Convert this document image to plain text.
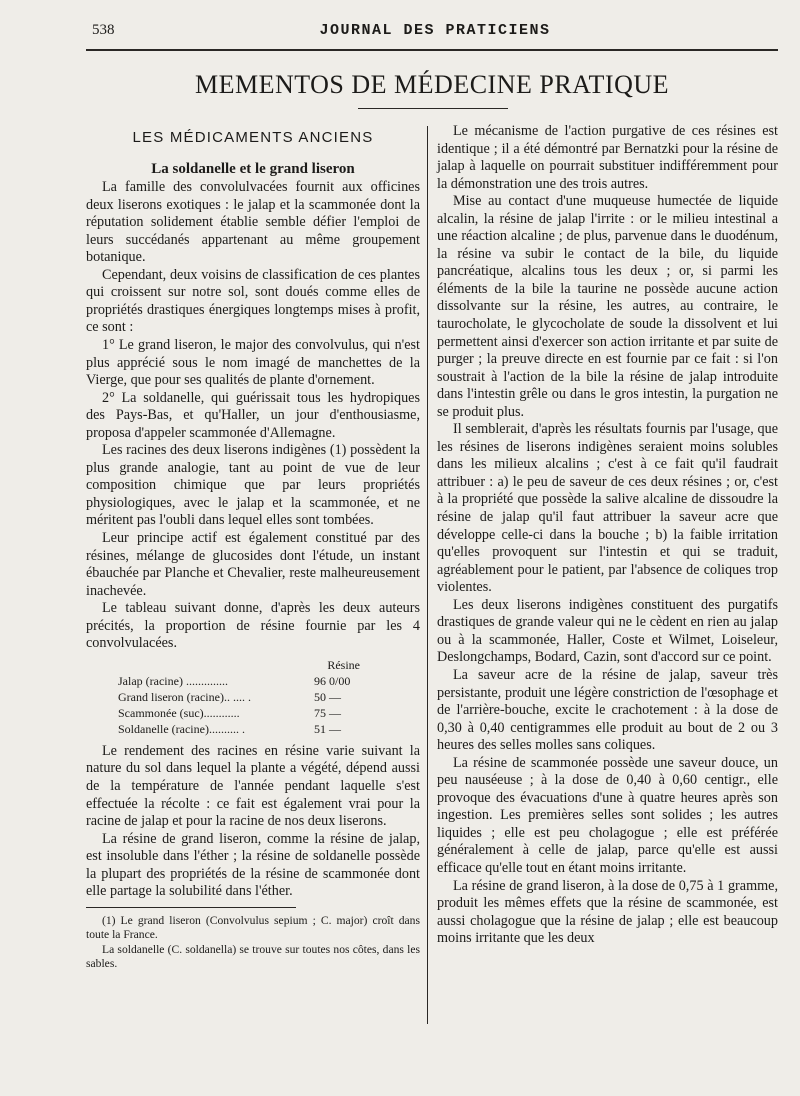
538	JOURNAL DES PRATICIENS
MEMENTOS DE MÉDECINE PRATIQUE
LES MÉDICAMENTS ANCIENS
La soldanelle et le grand liseron

La famille des convolulvacées fournit aux officines deux liserons exotiques : le jalap et la scammonée dont la réputation solidement établie semble défier l'emploi de leurs succédanés appartenant au même groupement botanique.

Cependant, deux voisins de classification de ces plantes qui croissent sur notre sol, sont doués comme elles de propriétés drastiques énergiques longtemps mises à profit, ce sont :

1° Le grand liseron, le major des convolvulus, qui n'est plus apprécié sous le nom imagé de manchettes de la Vierge, que pour ses qualités de plante d'ornement.

2° La soldanelle, qui guérissait tous les hydropiques des Pays-Bas, et qu'Haller, un jour d'enthousiasme, proposa d'appeler scammonée d'Allemagne.

Les racines des deux liserons indigènes (1) possèdent la plus grande analogie, tant au point de vue de leur composition chimique que par leurs propriétés physiologiques, avec le jalap et la scammonée, et ne méritent pas l'oubli dans lequel elles sont tombées.

Leur principe actif est également constitué par des résines, mélange de glucosides dont l'étude, un instant ébauchée par Planche et Chevalier, reste malheureusement inachevée.

Le tableau suivant donne, d'après les deux auteurs précités, la proportion de résine fournie par les 4 convolvulacées.

Résine
Jalap (racine) ..............	96 0/00
Grand liseron (racine).. .... .	50 —
Scammonée (suc)............	75 —
Soldanelle (racine).......... .	51 —

Le rendement des racines en résine varie suivant la nature du sol dans lequel la plante a végété, dépend aussi de la température de l'année pendant laquelle s'est effectuée la récolte : ce fait est également vrai pour la racine de jalap et pour la racine de nos deux liserons.

La résine de grand liseron, comme la résine de jalap, est insoluble dans l'éther ; la résine de soldanelle possède la plupart des propriétés de la résine de scammonée dont elle partage la solubilité dans l'éther.

(1) Le grand liseron (Convolvulus sepium ; C. major) croît dans toute la France.

La soldanelle (C. soldanella) se trouve sur toutes nos côtes, dans les sables.

Le mécanisme de l'action purgative de ces résines est identique ; il a été démontré par Bernatzki pour la résine de jalap à laquelle on pourrait substituer indifféremment pour la démonstration une des trois autres.

Mise au contact d'une muqueuse humectée de liquide alcalin, la résine de jalap l'irrite : or le milieu intestinal a une réaction alcaline ; de plus, parvenue dans le duodénum, la résine va subir le contact de la bile, du liquide pancréatique, alcalins tous les deux ; or, si parmi les éléments de la bile la taurine ne possède aucune action dissolvante sur la résine, les autres, au contraire, le taurocholate, le glycocholate de soude la dissolvent et lui permettent ainsi d'exercer son action irritante et par suite de purger ; la preuve directe en est fournie par ce fait : si l'on soustrait à l'action de la bile la résine de jalap introduite dans l'intestin grêle ou dans le gros intestin, la purgation ne se produit plus.

Il semblerait, d'après les résultats fournis par l'usage, que les résines de liserons indigènes seraient moins solubles dans les milieux alcalins ; c'est à ce fait qu'il faudrait attribuer : a) le peu de saveur de ces deux résines ; or, c'est à la propriété que possède la salive alcaline de dissoudre la résine de jalap qu'il faut attribuer la saveur acre que développe celle-ci dans la bouche ; b) la faible irritation qu'elles provoquent sur l'intestin et qui se traduit, agréablement pour le patient, par l'absence de coliques trop violentes.

Les deux liserons indigènes constituent des purgatifs drastiques de grande valeur qui ne le cèdent en rien au jalap ou à la scammonée, Haller, Coste et Wilmet, Loiseleur, Deslongchamps, Bodard, Cazin, sont d'accord sur ce point.

La saveur acre de la résine de jalap, saveur très persistante, produit une légère constriction de l'œsophage et de l'arrière-bouche, excite le crachotement : à la dose de 0,30 à 0,40 centigrammes elle produit au bout de 2 ou 3 heures des selles molles sans coliques.

La résine de scammonée possède une saveur douce, un peu nauséeuse ; à la dose de 0,40 à 0,60 centigr., elle provoque des évacuations d'une à quatre heures après son ingestion. Les premières selles sont solides ; les autres liquides ; elle est peu cholagogue ; elle est préférée généralement à celle de jalap, parce qu'elle est aussi efficace qu'elle tout en étant moins irritante.

La résine de grand liseron, à la dose de 0,75 à 1 gramme, produit les mêmes effets que la résine de scammonée, est aussi cholagogue que la résine de jalap ; elle est beaucoup moins irritante que les deux
